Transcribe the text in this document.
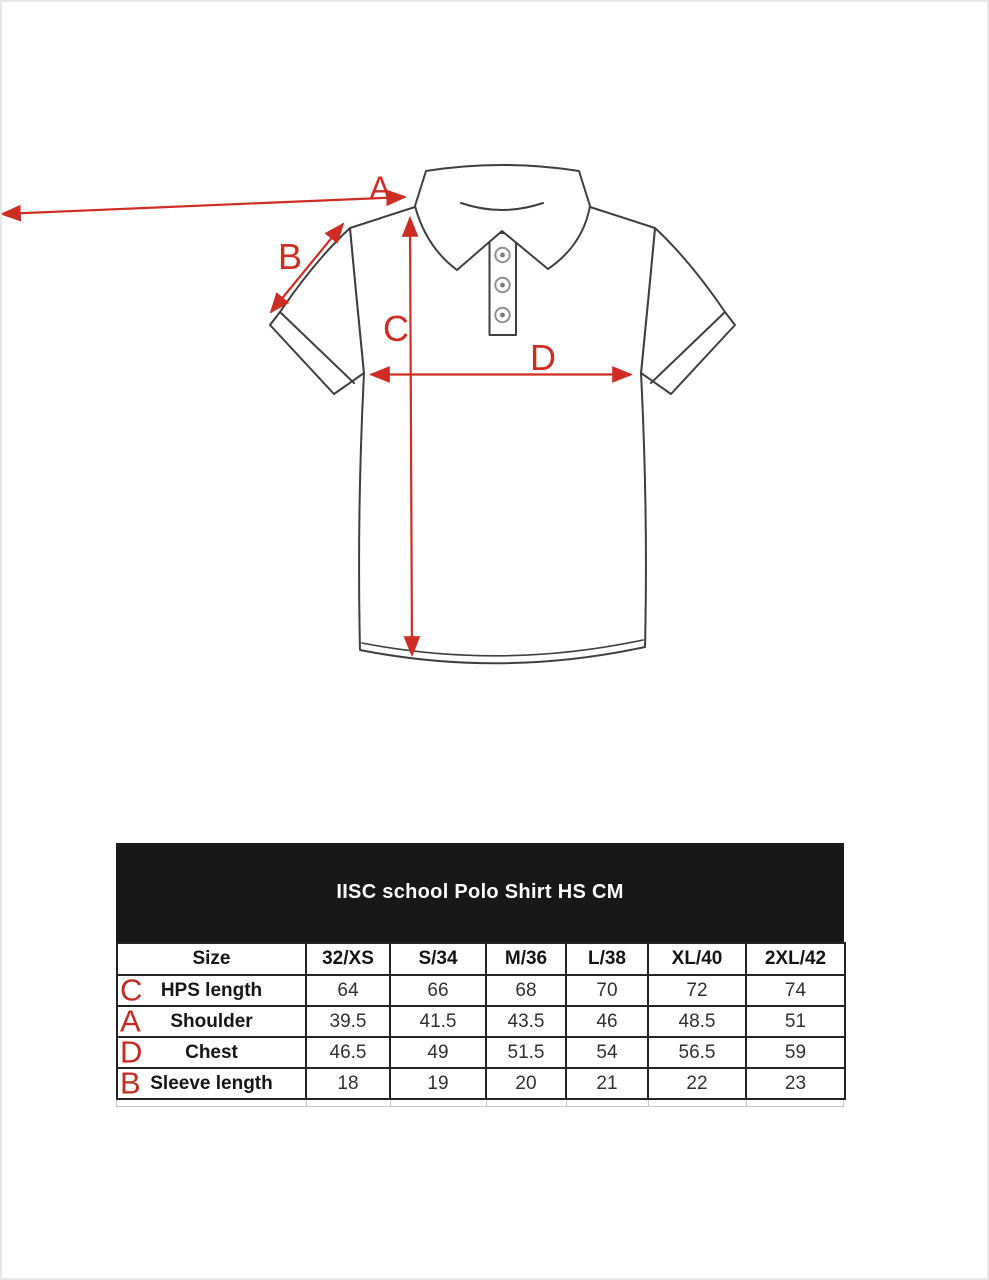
A
B
C
D
IISC school Polo Shirt HS CM
Size	32/XS	S/34	M/36	L/38	XL/40	2XL/42

C HPS length	64	66	68	70	72	74

A Shoulder	39.5	41.5	43.5	46	48.5	51

D Chest	46.5	49	51.5	54	56.5	59

B Sleeve length	18	19	20	21	22	23
